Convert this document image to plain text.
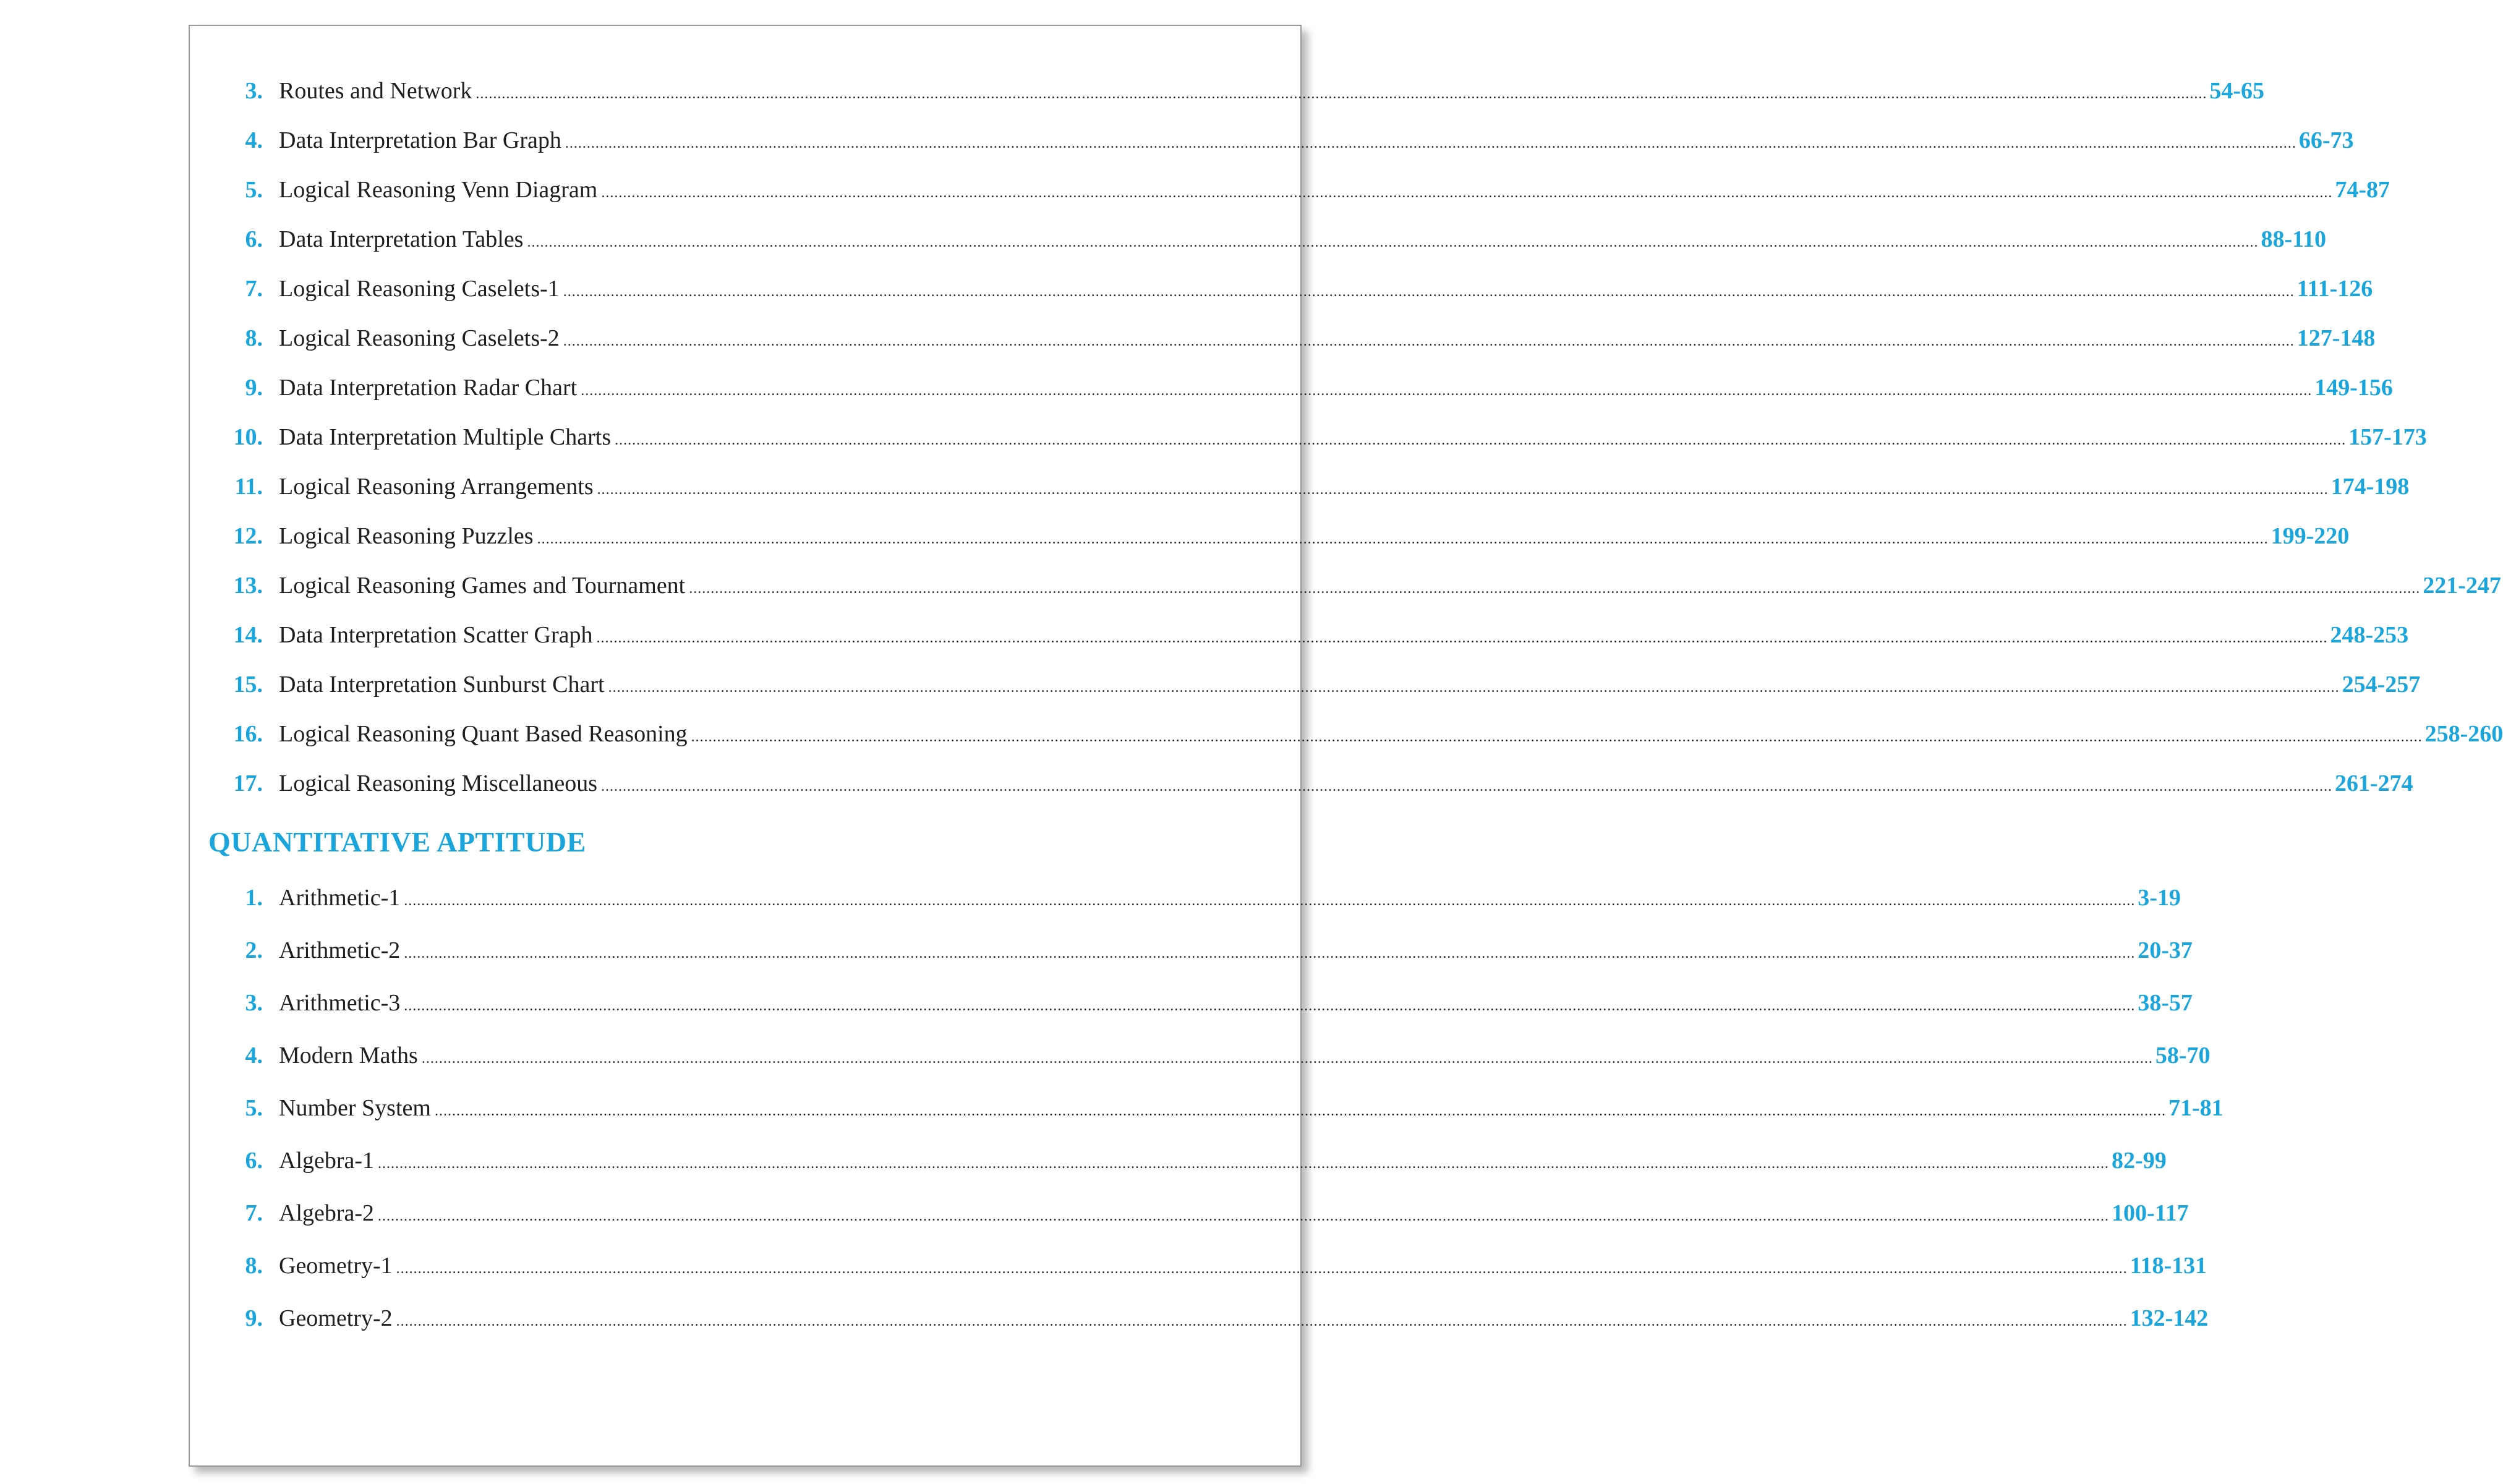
3. Routes and Network ................................................................................................................................................................................................................................................................................................................................................................................................................ 54-65
4. Data Interpretation Bar Graph ................................................................................................................................................................................................................................................................................................................................................................................................................ 66-73
5. Logical Reasoning Venn Diagram ................................................................................................................................................................................................................................................................................................................................................................................................................ 74-87
6. Data Interpretation Tables ................................................................................................................................................................................................................................................................................................................................................................................................................ 88-110
7. Logical Reasoning Caselets-1 ................................................................................................................................................................................................................................................................................................................................................................................................................ 111-126
8. Logical Reasoning Caselets-2 ................................................................................................................................................................................................................................................................................................................................................................................................................ 127-148
9. Data Interpretation Radar Chart ................................................................................................................................................................................................................................................................................................................................................................................................................ 149-156
10. Data Interpretation Multiple Charts ................................................................................................................................................................................................................................................................................................................................................................................................................ 157-173
11. Logical Reasoning Arrangements ................................................................................................................................................................................................................................................................................................................................................................................................................ 174-198
12. Logical Reasoning Puzzles ................................................................................................................................................................................................................................................................................................................................................................................................................ 199-220
13. Logical Reasoning Games and Tournament ................................................................................................................................................................................................................................................................................................................................................................................................................ 221-247
14. Data Interpretation Scatter Graph ................................................................................................................................................................................................................................................................................................................................................................................................................ 248-253
15. Data Interpretation Sunburst Chart ................................................................................................................................................................................................................................................................................................................................................................................................................ 254-257
16. Logical Reasoning Quant Based Reasoning ................................................................................................................................................................................................................................................................................................................................................................................................................ 258-260
17. Logical Reasoning Miscellaneous ................................................................................................................................................................................................................................................................................................................................................................................................................ 261-274
QUANTITATIVE APTITUDE
1. Arithmetic-1 ................................................................................................................................................................................................................................................................................................................................................................................................................ 3-19
2. Arithmetic-2 ................................................................................................................................................................................................................................................................................................................................................................................................................ 20-37
3. Arithmetic-3 ................................................................................................................................................................................................................................................................................................................................................................................................................ 38-57
4. Modern Maths ................................................................................................................................................................................................................................................................................................................................................................................................................ 58-70
5. Number System ................................................................................................................................................................................................................................................................................................................................................................................................................ 71-81
6. Algebra-1 ................................................................................................................................................................................................................................................................................................................................................................................................................ 82-99
7. Algebra-2 ................................................................................................................................................................................................................................................................................................................................................................................................................ 100-117
8. Geometry-1 ................................................................................................................................................................................................................................................................................................................................................................................................................ 118-131
9. Geometry-2 ................................................................................................................................................................................................................................................................................................................................................................................................................ 132-142
